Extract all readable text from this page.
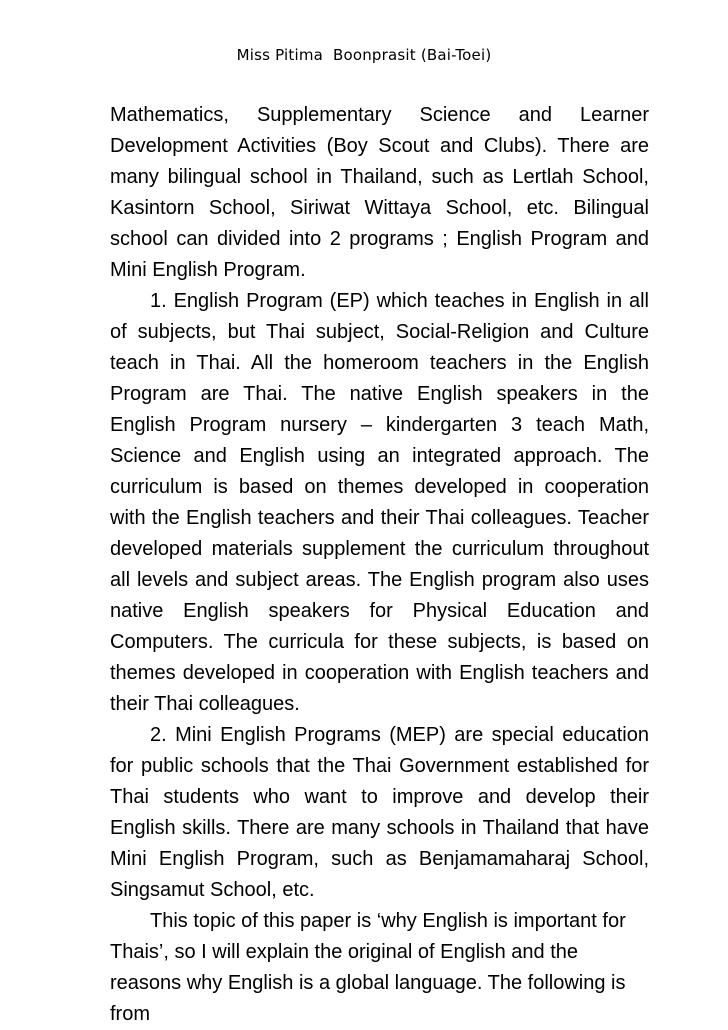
Miss Pitima  Boonprasit (Bai-Toei)

Mathematics, Supplementary Science and Learner Development Activities (Boy Scout and Clubs). There are many bilingual school in Thailand, such as Lertlah School, Kasintorn School, Siriwat Wittaya School, etc. Bilingual school can divided into 2 programs ; English Program and Mini English Program.

1. English Program (EP) which teaches in English in all of subjects, but Thai subject, Social-Religion and Culture teach in Thai. All the homeroom teachers in the English Program are Thai. The native English speakers in the English Program nursery – kindergarten 3 teach Math, Science and English using an integrated approach. The curriculum is based on themes developed in cooperation with the English teachers and their Thai colleagues. Teacher developed materials supplement the curriculum throughout all levels and subject areas. The English program also uses native English speakers for Physical Education and Computers. The curricula for these subjects, is based on themes developed in cooperation with English teachers and their Thai colleagues.

2. Mini English Programs (MEP) are special education for public schools that the Thai Government established for Thai students who want to improve and develop their English skills. There are many schools in Thailand that have Mini English Program, such as Benjamamaharaj School, Singsamut School, etc.

This topic of this paper is ‘why English is important for Thais’, so I will explain the original of English and the reasons why English is a global language. The following is from
